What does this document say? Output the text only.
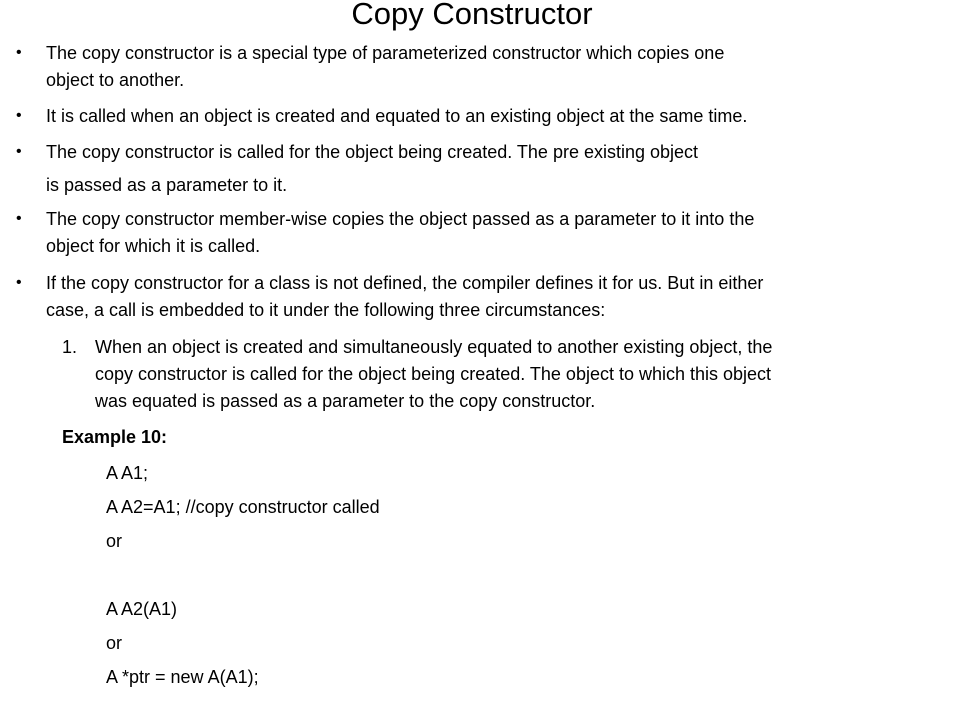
Copy Constructor
• The copy constructor is a special type of parameterized constructor which copies one

object to another.

• It is called when an object is created and equated to an existing object at the same time.

• The copy constructor is called for the object being created. The pre existing object

is passed as a parameter to it.

• The copy constructor member-wise copies the object passed as a parameter to it into the

object for which it is called.

• If the copy constructor for a class is not defined, the compiler defines it for us. But in either

case, a call is embedded to it under the following three circumstances:

1. When an object is created and simultaneously equated to another existing object, the

copy constructor is called for the object being created. The object to which this object

was equated is passed as a parameter to the copy constructor.

Example 10:

A A1;

A A2=A1; //copy constructor called

or

A A2(A1)

or

A *ptr = new A(A1);
